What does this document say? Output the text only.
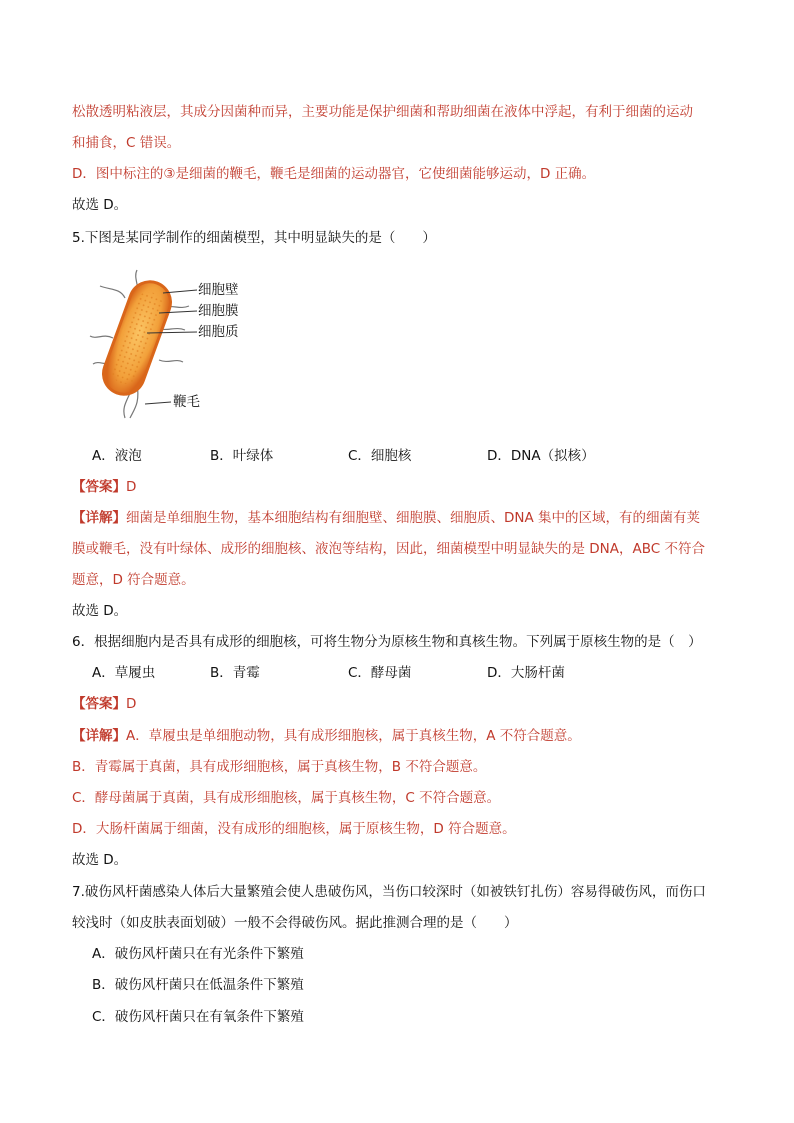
松散透明粘液层，其成分因菌种而异，主要功能是保护细菌和帮助细菌在液体中浮起，有利于细菌的运动
和捕食，C 错误。
D．图中标注的③是细菌的鞭毛，鞭毛是细菌的运动器官，它使细菌能够运动，D 正确。
故选 D。
5.下图是某同学制作的细菌模型，其中明显缺失的是（　　）
细胞壁
细胞膜
细胞质
鞭毛
A．液泡	B．叶绿体	C．细胞核	D．DNA（拟核）
【答案】D
【详解】细菌是单细胞生物，基本细胞结构有细胞壁、细胞膜、细胞质、DNA 集中的区域，有的细菌有荚
膜或鞭毛，没有叶绿体、成形的细胞核、液泡等结构，因此，细菌模型中明显缺失的是 DNA，ABC 不符合
题意，D 符合题意。
故选 D。
6．根据细胞内是否具有成形的细胞核，可将生物分为原核生物和真核生物。下列属于原核生物的是（　）
A．草履虫	B．青霉	C．酵母菌	D．大肠杆菌
【答案】D
【详解】A．草履虫是单细胞动物，具有成形细胞核，属于真核生物，A 不符合题意。
B．青霉属于真菌，具有成形细胞核，属于真核生物，B 不符合题意。
C．酵母菌属于真菌，具有成形细胞核，属于真核生物，C 不符合题意。
D．大肠杆菌属于细菌，没有成形的细胞核，属于原核生物，D 符合题意。
故选 D。
7.破伤风杆菌感染人体后大量繁殖会使人患破伤风，当伤口较深时（如被铁钉扎伤）容易得破伤风，而伤口
较浅时（如皮肤表面划破）一般不会得破伤风。据此推测合理的是（　　）
A．破伤风杆菌只在有光条件下繁殖
B．破伤风杆菌只在低温条件下繁殖
C．破伤风杆菌只在有氧条件下繁殖
